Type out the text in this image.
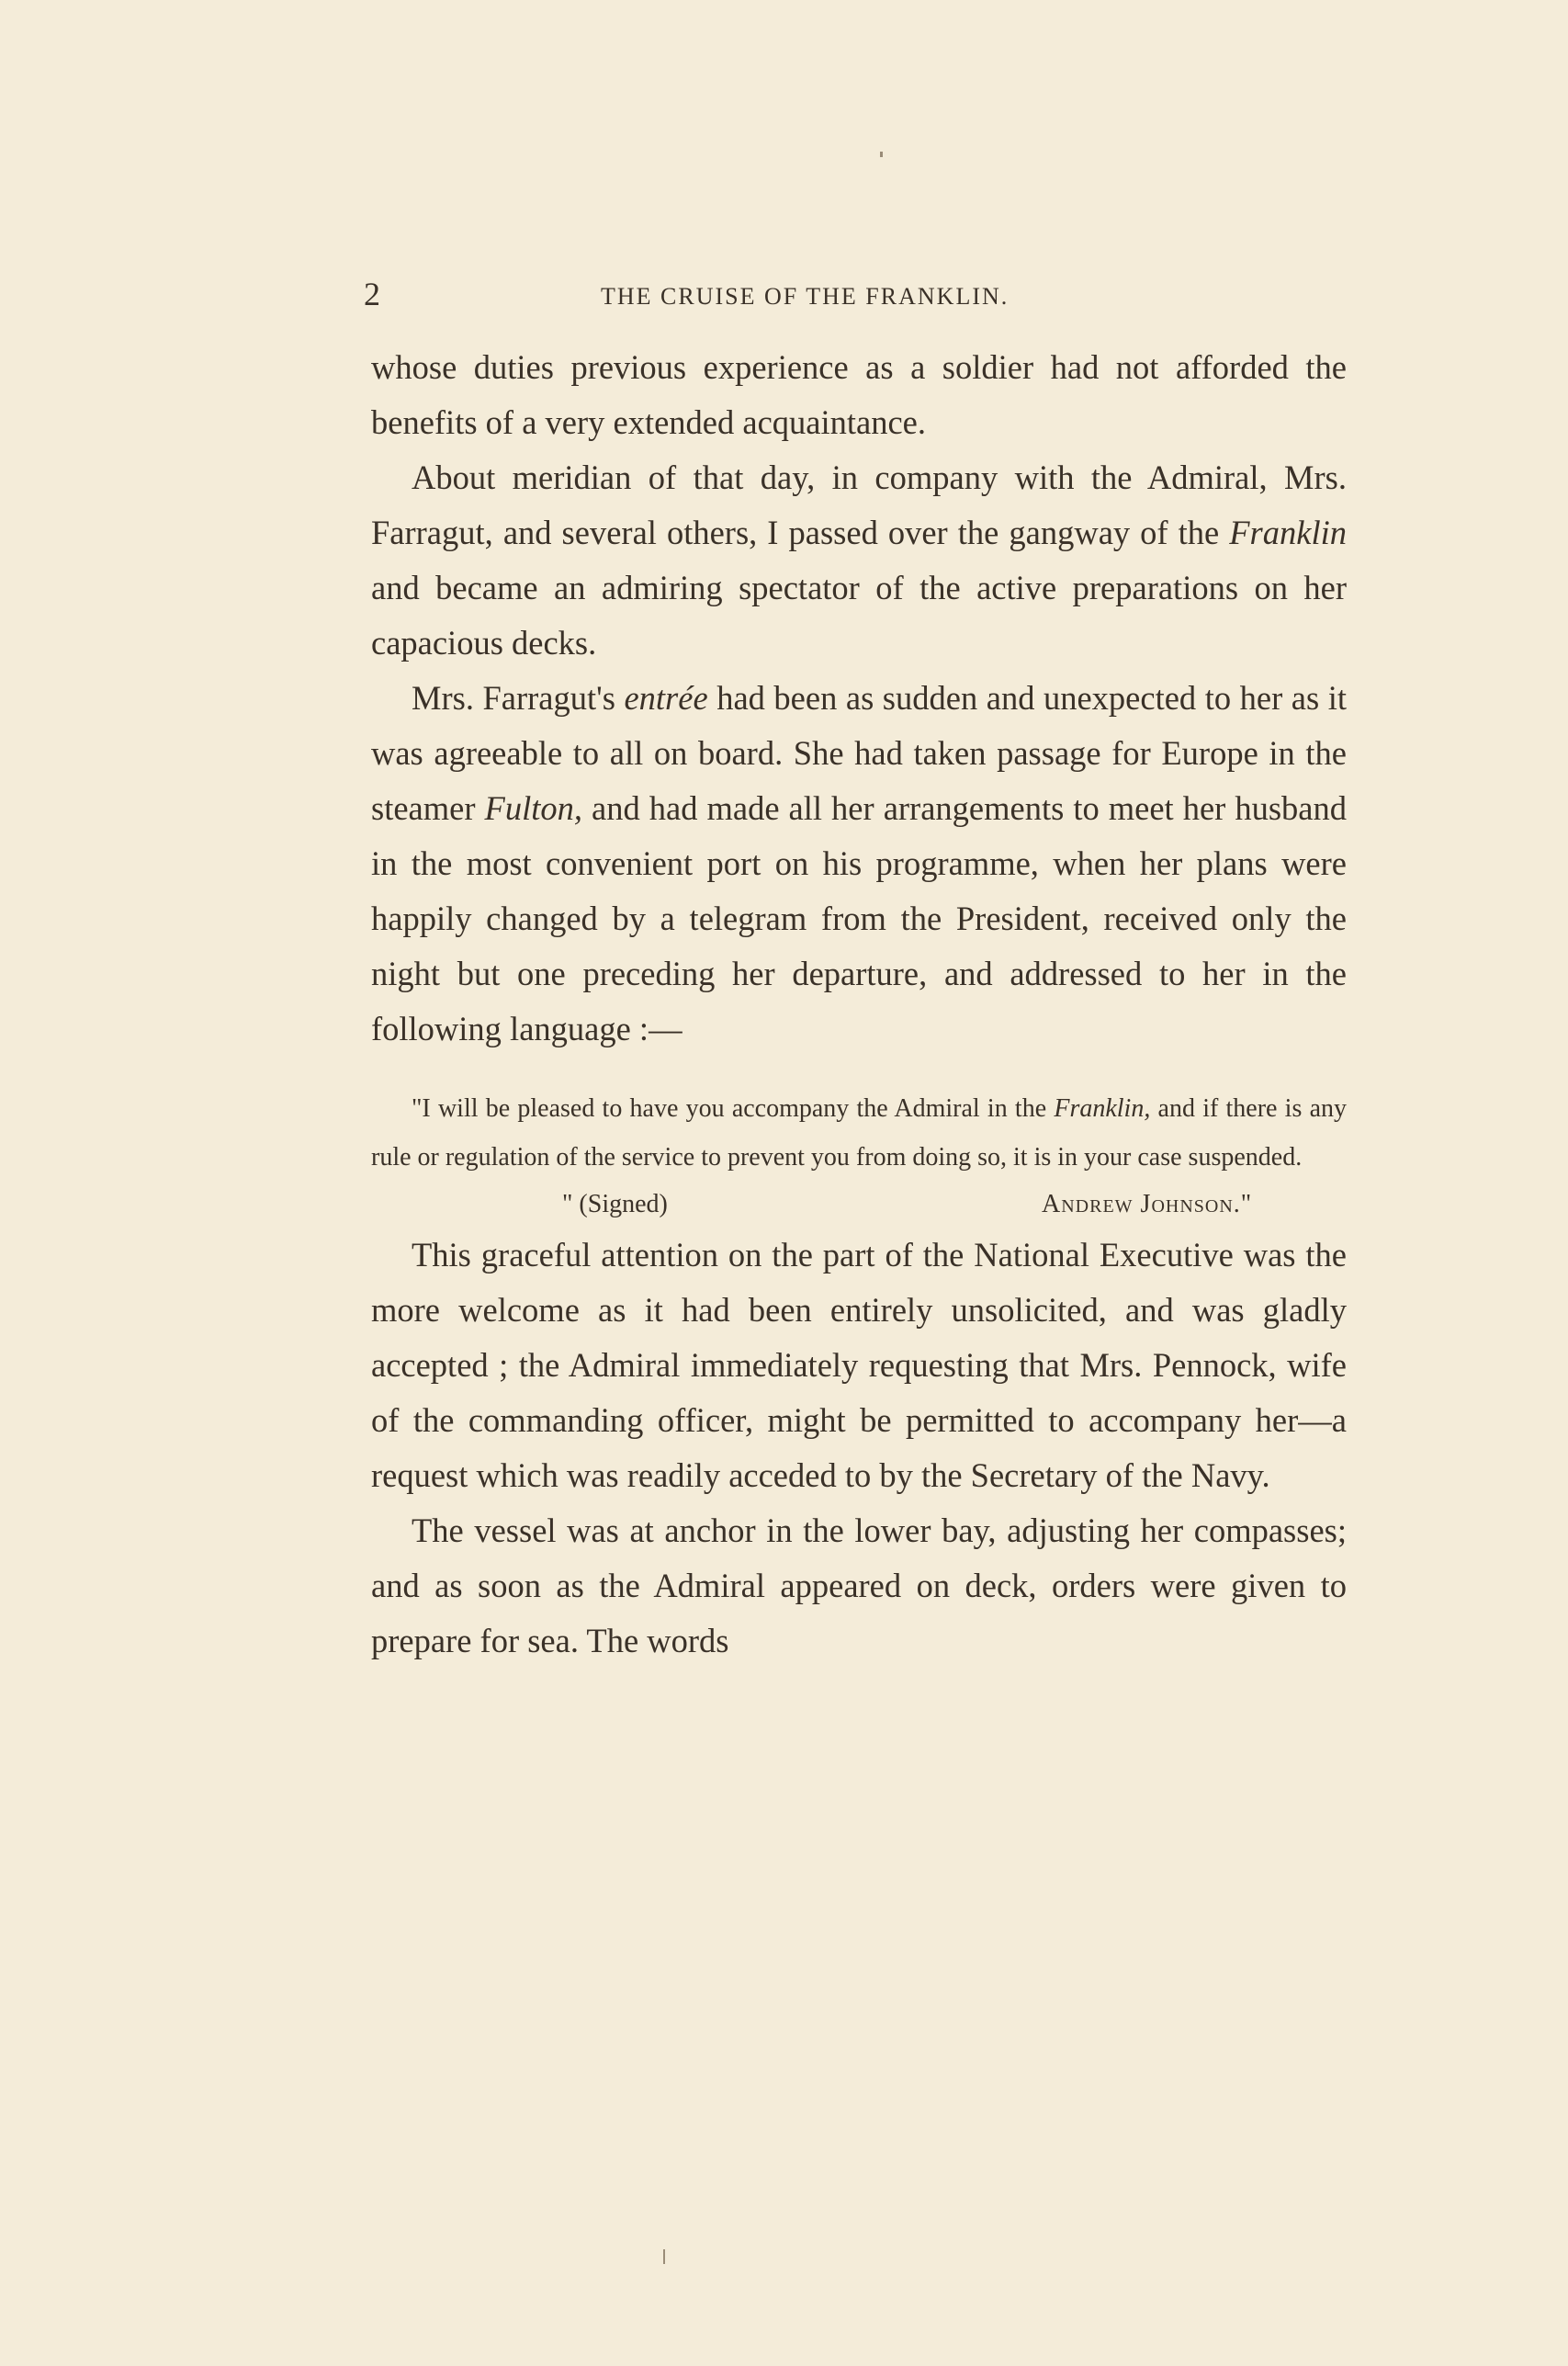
2	THE CRUISE OF THE FRANKLIN.

whose duties previous experience as a soldier had not afforded the benefits of a very extended acquaintance.

About meridian of that day, in company with the Admiral, Mrs. Farragut, and several others, I passed over the gangway of the Franklin and became an admiring spectator of the active preparations on her capacious decks.

Mrs. Farragut's entrée had been as sudden and unexpected to her as it was agreeable to all on board. She had taken passage for Europe in the steamer Fulton, and had made all her arrangements to meet her husband in the most convenient port on his programme, when her plans were happily changed by a telegram from the President, received only the night but one preceding her departure, and addressed to her in the following language :—

"I will be pleased to have you accompany the Admiral in the Franklin, and if there is any rule or regulation of the service to prevent you from doing so, it is in your case suspended.

" (Signed)	Andrew Johnson."

This graceful attention on the part of the National Executive was the more welcome as it had been entirely unsolicited, and was gladly accepted ; the Admiral immediately requesting that Mrs. Pennock, wife of the commanding officer, might be permitted to accompany her—a request which was readily acceded to by the Secretary of the Navy.

The vessel was at anchor in the lower bay, adjusting her compasses; and as soon as the Admiral appeared on deck, orders were given to prepare for sea. The words
